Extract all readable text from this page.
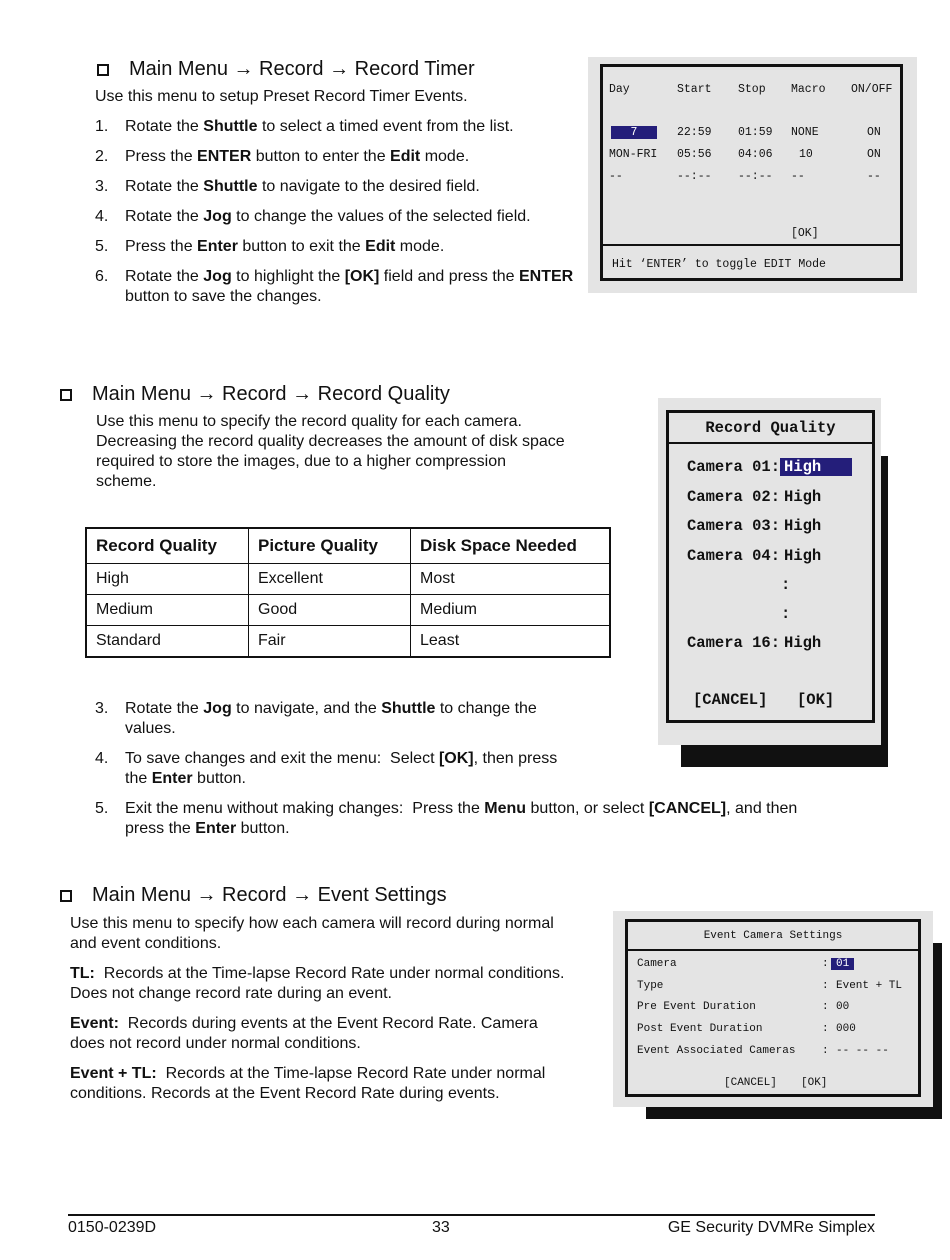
Main Menu → Record → Record Timer
Use this menu to setup Preset Record Timer Events.
1. Rotate the Shuttle to select a timed event from the list.
2. Press the ENTER button to enter the Edit mode.
3. Rotate the Shuttle to navigate to the desired field.
4. Rotate the Jog to change the values of the selected field.
5. Press the Enter button to exit the Edit mode.
6. Rotate the Jog to highlight the [OK] field and press the ENTER button to save the changes.
Day	Start Stop Macro ON/OFF
7	22:59 01:59 NONE	ON
MON-FRI 05:56 04:06 10	ON
--	--:-- --:-- --	--
[OK]
Hit ‘ENTER’ to toggle EDIT Mode
Main Menu → Record → Record Quality
Use this menu to specify the record quality for each camera.
Decreasing the record quality decreases the amount of disk space
required to store the images, due to a higher compression
scheme.
Record Quality	Picture Quality	Disk Space Needed
High	Excellent	Most
Medium	Good	Medium
Standard	Fair	Least
3. Rotate the Jog to navigate, and the Shuttle to change the
values.
4. To save changes and exit the menu:  Select [OK], then press
the Enter button.
5. Exit the menu without making changes:  Press the Menu button, or select [CANCEL], and then
press the Enter button.
Record Quality
Camera 01: High
Camera 02: High
Camera 03: High
Camera 04: High
:
:
Camera 16: High
[CANCEL] [OK]
Main Menu → Record → Event Settings
Use this menu to specify how each camera will record during normal
and event conditions.
TL:  Records at the Time-lapse Record Rate under normal conditions.
Does not change record rate during an event.
Event:  Records during events at the Event Record Rate. Camera
does not record under normal conditions.
Event + TL:  Records at the Time-lapse Record Rate under normal
conditions. Records at the Event Record Rate during events.
Event Camera Settings
Camera	: 01
Type	: Event + TL
Pre Event Duration	: 00
Post Event Duration	: 000
Event Associated Cameras : -- -- --
[CANCEL] [OK]
0150-0239D	33	GE Security DVMRe Simplex
